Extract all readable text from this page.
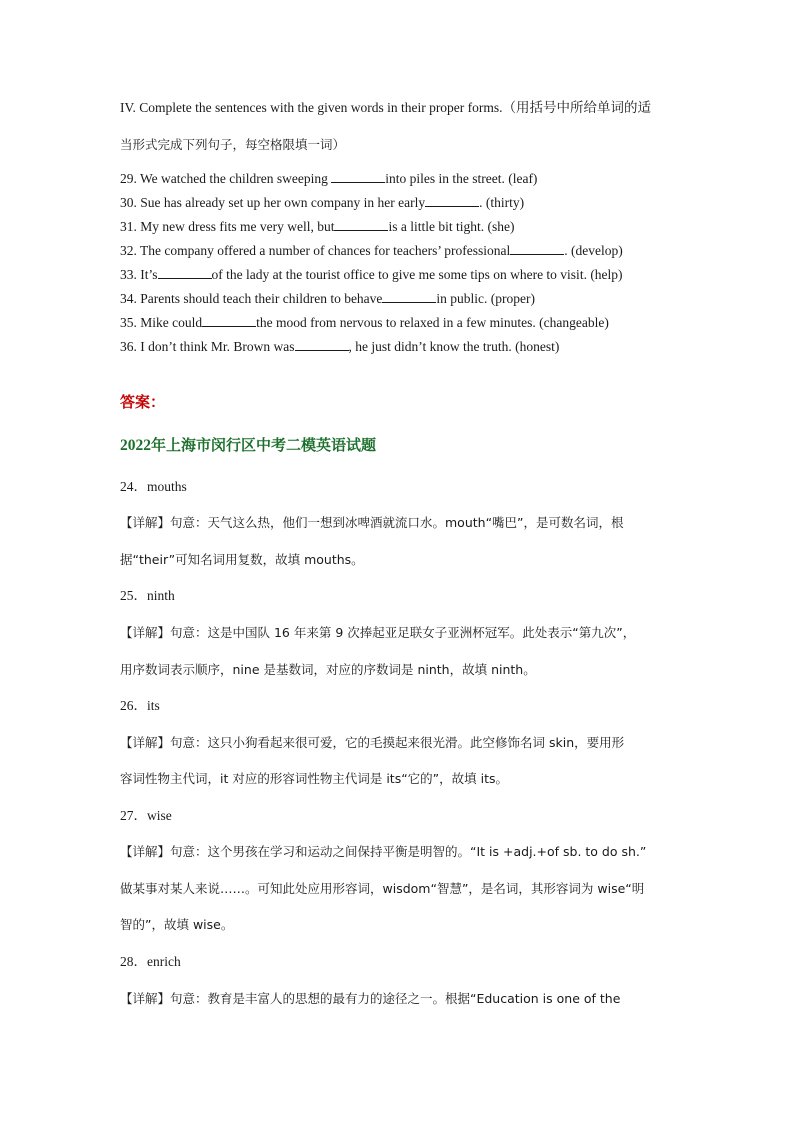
IV. Complete the sentences with the given words in their proper forms.（用括号中所给单词的适
当形式完成下列句子，每空格限填一词）
29. We watched the children sweeping	into piles in the street. (leaf)
30. Sue has already set up her own company in her early	. (thirty)
31. My new dress fits me very well, but	is a little bit tight. (she)
32. The company offered a number of chances for teachers’ professional	. (develop)
33. It’s	of the lady at the tourist office to give me some tips on where to visit. (help)
34. Parents should teach their children to behave	in public. (proper)
35. Mike could	the mood from nervous to relaxed in a few minutes. (changeable)
36. I don’t think Mr. Brown was	, he just didn’t know the truth. (honest)
答案：
2022年上海市闵行区中考二模英语试题
24．mouths
【详解】句意：天气这么热，他们一想到冰啤酒就流口水。mouth“嘴巴”，是可数名词，根
据“their”可知名词用复数，故填 mouths。
25．ninth
【详解】句意：这是中国队 16 年来第 9 次捧起亚足联女子亚洲杯冠军。此处表示“第九次”，
用序数词表示顺序，nine 是基数词，对应的序数词是 ninth，故填 ninth。
26．its
【详解】句意：这只小狗看起来很可爱，它的毛摸起来很光滑。此空修饰名词 skin，要用形
容词性物主代词，it 对应的形容词性物主代词是 its“它的”，故填 its。
27．wise
【详解】句意：这个男孩在学习和运动之间保持平衡是明智的。“It is +adj.+of sb. to do sh.”
做某事对某人来说……。可知此处应用形容词，wisdom“智慧”，是名词，其形容词为 wise“明
智的”，故填 wise。
28．enrich
【详解】句意：教育是丰富人的思想的最有力的途径之一。根据“Education is one of the
